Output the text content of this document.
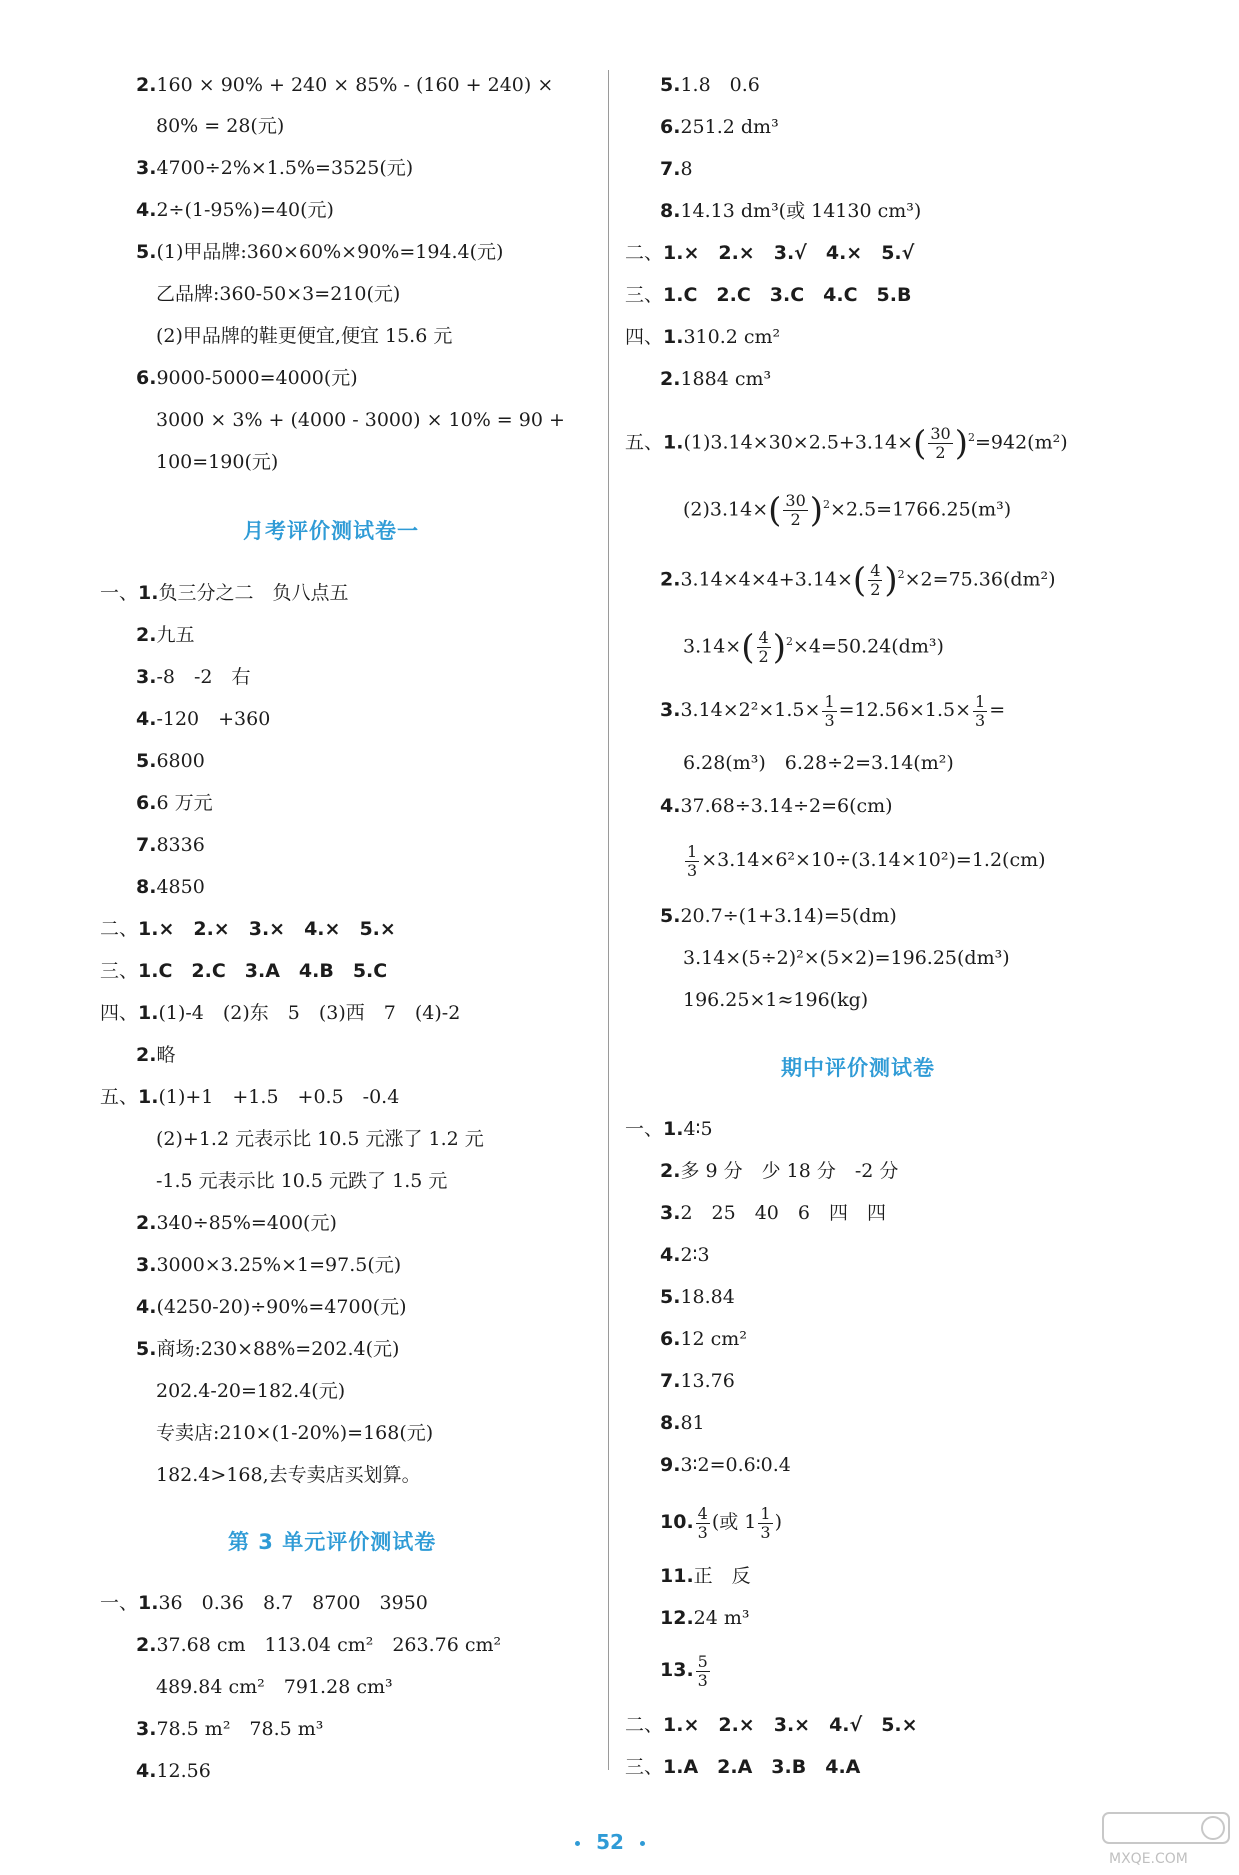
2.160 × 90% + 240 × 85% - (160 + 240) ×
80% = 28(元)
3.4700÷2%×1.5%=3525(元)
4.2÷(1-95%)=40(元)
5.(1)甲品牌:360×60%×90%=194.4(元)
乙品牌:360-50×3=210(元)
(2)甲品牌的鞋更便宜,便宜 15.6 元
6.9000-5000=4000(元)
3000 × 3% + (4000 - 3000) × 10% = 90 +
100=190(元)
月考评价测试卷一
一、1.负三分之二　负八点五
2.九五
3.-8　-2　右
4.-120　+360
5.6800
6.6 万元
7.8336
8.4850
二、1.×　2.×　3.×　4.×　5.×
三、1.C　2.C　3.A　4.B　5.C
四、1.(1)-4　(2)东　5　(3)西　7　(4)-2
2.略
五、1.(1)+1　+1.5　+0.5　-0.4
(2)+1.2 元表示比 10.5 元涨了 1.2 元
-1.5 元表示比 10.5 元跌了 1.5 元
2.340÷85%=400(元)
3.3000×3.25%×1=97.5(元)
4.(4250-20)÷90%=4700(元)
5.商场:230×88%=202.4(元)
202.4-20=182.4(元)
专卖店:210×(1-20%)=168(元)
182.4>168,去专卖店买划算。
第 3 单元评价测试卷
一、1.36　0.36　8.7　8700　3950
2.37.68 cm　113.04 cm²　263.76 cm²
489.84 cm²　791.28 cm³
3.78.5 m²　78.5 m³
4.12.56
5.1.8　0.6
6.251.2 dm³
7.8
8.14.13 dm³(或 14130 cm³)
二、1.×　2.×　3.√　4.×　5.√
三、1.C　2.C　3.C　4.C　5.B
四、1.310.2 cm²
2.1884 cm³
五、$1.(1)3.14\times 30\times 2.5+3.14\times( \frac{30}{2} )^2=942(m^2)$
$(2)3.14\times( \frac{30}{2} )^2\times 2.5=1766.25(m^3)$
$2.3.14\times 4\times 4+3.14\times( \frac{4}{2} )^2\times 2=75.36(dm^2)$
$3.14\times( \frac{4}{2} )^2\times 4=50.24(dm^3)$
$3.3.14\times 2^2\times 1.5\times \frac{1}{3} =12.56\times 1.5\times \frac{1}{3}$ =
6.28(m³)　6.28÷2=3.14(m²)
4.37.68÷3.14÷2=6(cm)
$\frac{1}{3} \times 3.14\times 6^2\times 10\div(3.14\times 10^2)=1.2(cm)$
5.20.7÷(1+3.14)=5(dm)
3.14×(5÷2)²×(5×2)=196.25(dm³)
196.25×1≈196(kg)
期中评价测试卷
一、1.4∶5
2.多 9 分　少 18 分　-2 分
3.2　25　40　6　四　四
4.2∶3
5.18.84
6.12 cm²
7.13.76
8.81
9.3∶2=0.6∶0.4
10. $\frac{4}{3}$ (或 $1 \frac{1}{3}$ )
11.正　反
12.24 m³
13. $\frac{5}{3}$
二、1.×　2.×　3.×　4.√　5.×
三、1.A　2.A　3.B　4.A
52
MXQE.COM
